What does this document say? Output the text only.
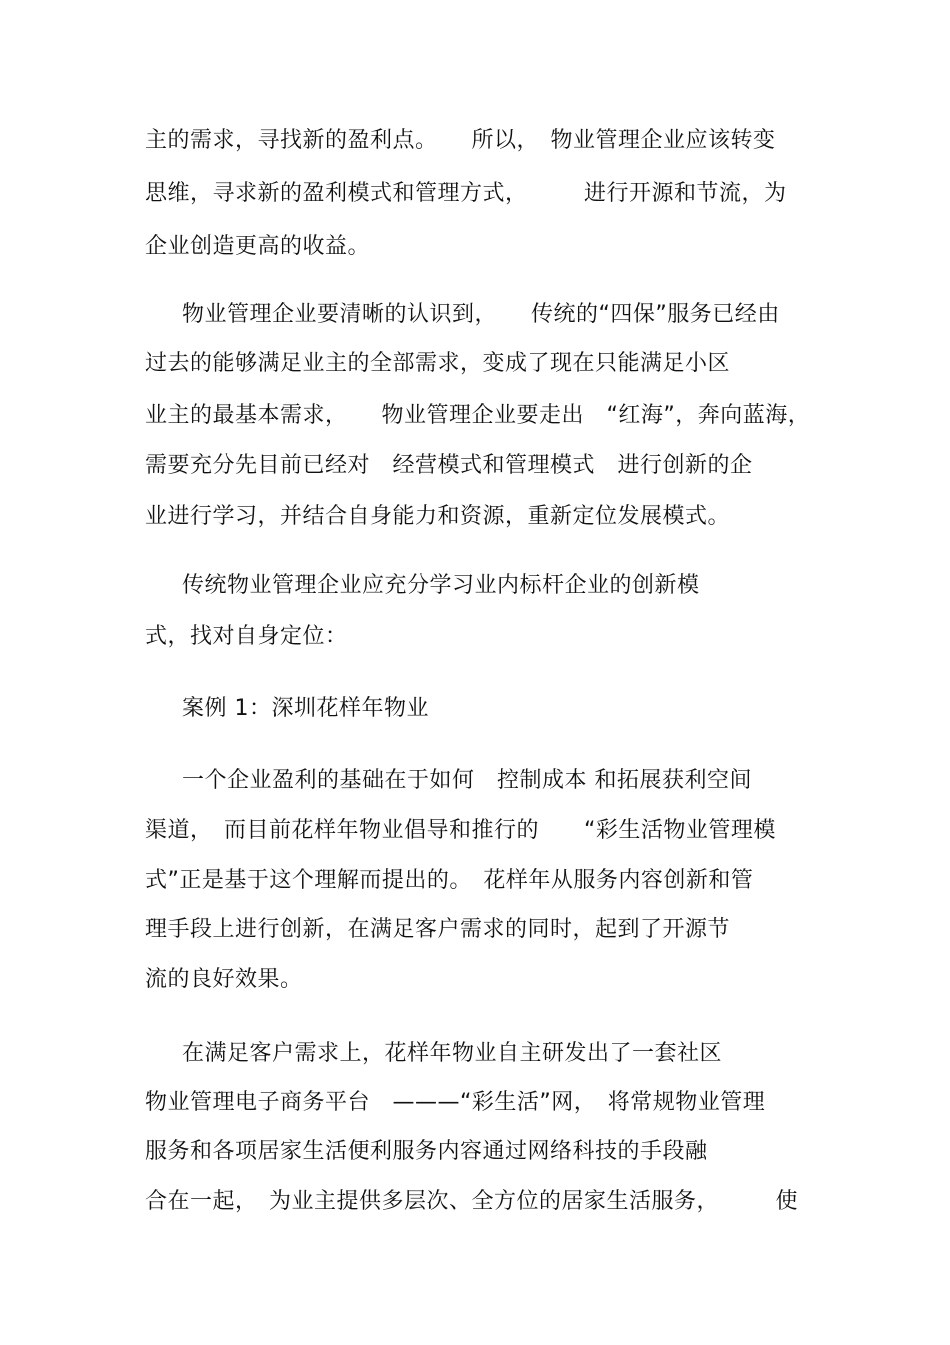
主的需求，寻找新的盈利点。　　所以，　物业管理企业应该转变
思维，寻求新的盈利模式和管理方式，　　　进行开源和节流，为
企业创造更高的收益。
物业管理企业要清晰的认识到，　　传统的“四保”服务已经由
过去的能够满足业主的全部需求，变成了现在只能满足小区
业主的最基本需求，　　物业管理企业要走出　“红海”，奔向蓝海，
需要充分先目前已经对　经营模式和管理模式　进行创新的企
业进行学习，并结合自身能力和资源，重新定位发展模式。
传统物业管理企业应充分学习业内标杆企业的创新模
式，找对自身定位：
案例 1：深圳花样年物业
一个企业盈利的基础在于如何　控制成本 和拓展获利空间
渠道，　而目前花样年物业倡导和推行的　　“彩生活物业管理模
式”正是基于这个理解而提出的。　花样年从服务内容创新和管
理手段上进行创新，在满足客户需求的同时，起到了开源节
流的良好效果。
在满足客户需求上，花样年物业自主研发出了一套社区
物业管理电子商务平台　———“彩生活”网，　将常规物业管理
服务和各项居家生活便利服务内容通过网络科技的手段融
合在一起，　为业主提供多层次、全方位的居家生活服务，　　　使
